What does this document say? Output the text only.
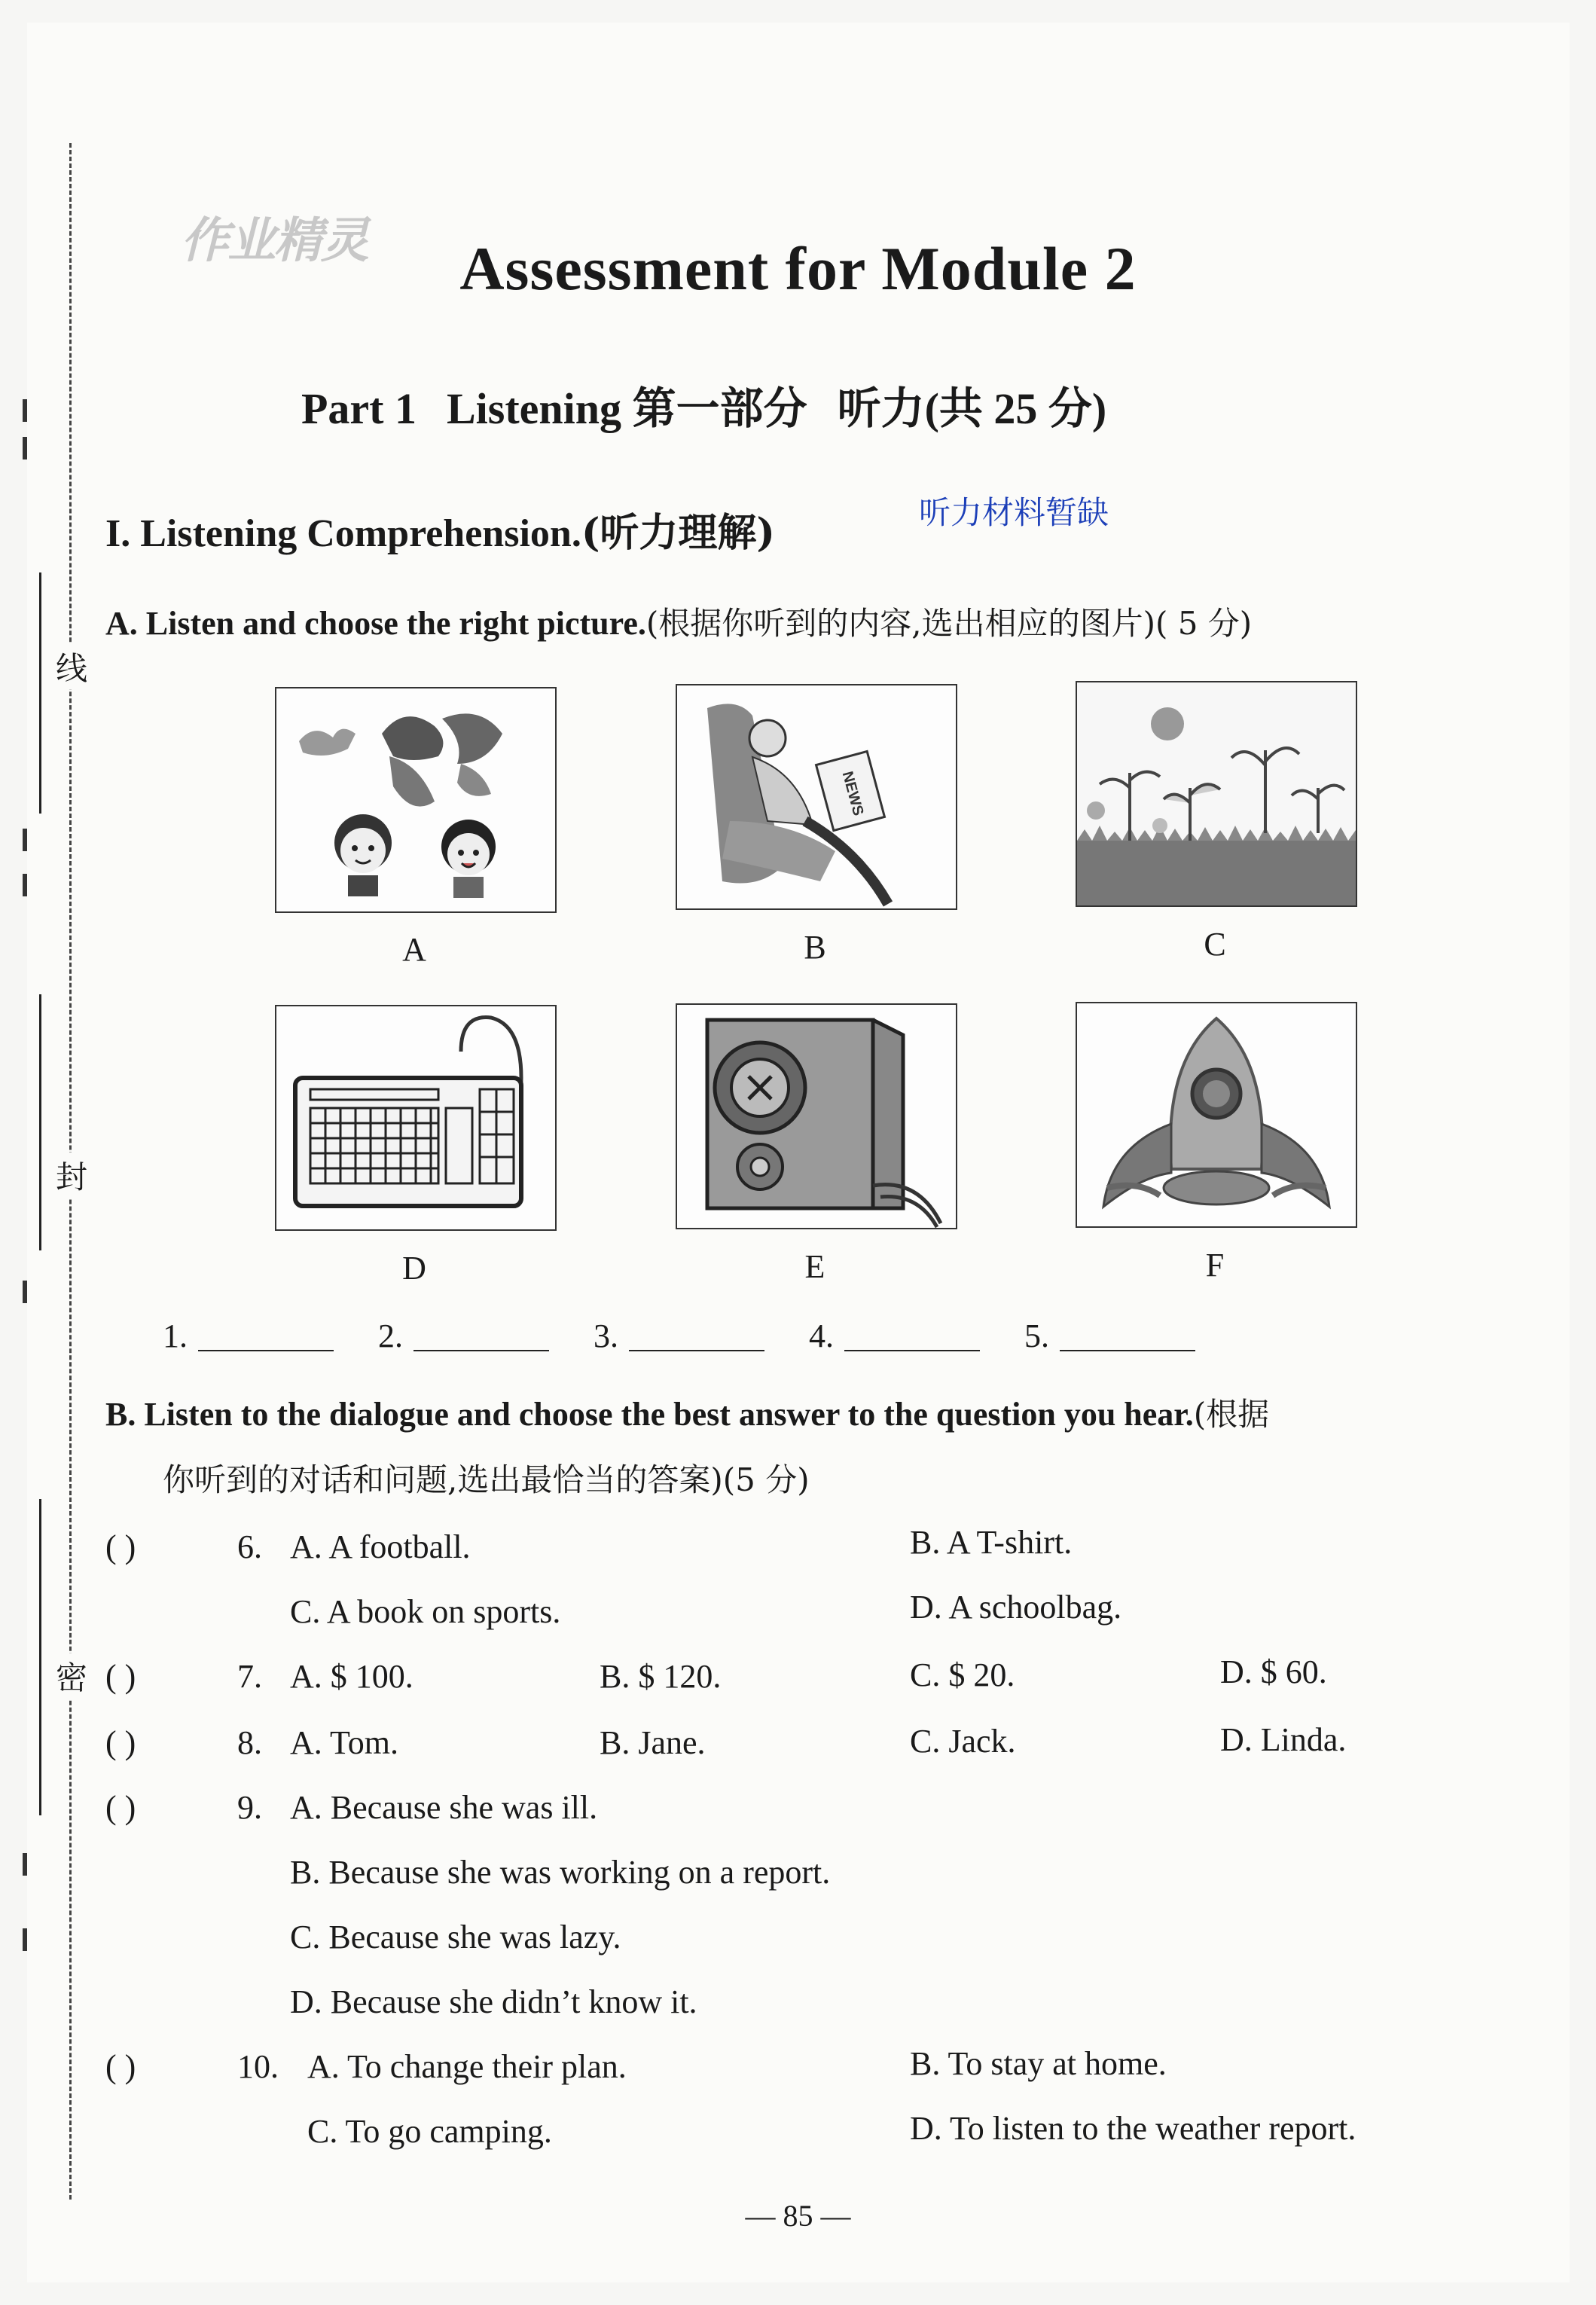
线
封
密
作业精灵	Assessment for Module 2
Part 1 Listening 第一部分 听力(共 25 分)
I. Listening Comprehension.(听力理解)	听力材料暂缺
A. Listen and choose the right picture.(根据你听到的内容,选出相应的图片)( 5 分)
A
NEWS
B	C
D	E	F
1.	2.	3.	4.	5.
B. Listen to the dialogue and choose the best answer to the question you hear.(根据
你听到的对话和问题,选出最恰当的答案)(5 分)
( )	6. A. A football.	B. A T-shirt.
C. A book on sports.	D. A schoolbag.
( )	7. A. $ 100.	B. $ 120.	C. $ 20.	D. $ 60.
( )	8. A. Tom.	B. Jane.	C. Jack.	D. Linda.
( )	9. A. Because she was ill.
B. Because she was working on a report.
C. Because she was lazy.
D. Because she didn’t know it.
( )	10. A. To change their plan.	B. To stay at home.
C. To go camping.	D. To listen to the weather report.
— 85 —
